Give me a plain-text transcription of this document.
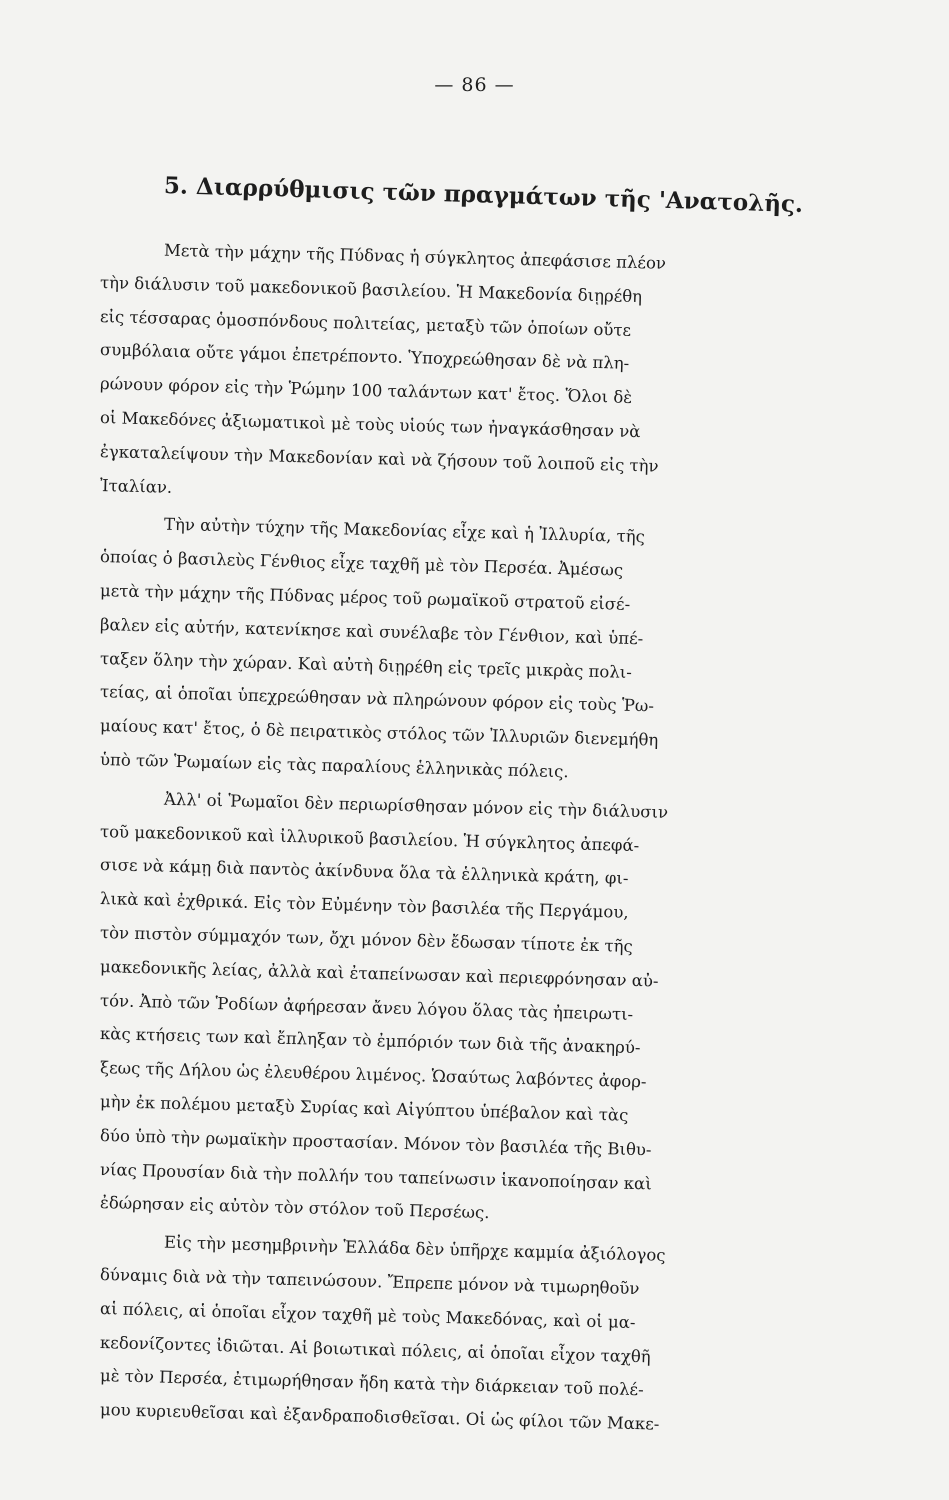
— 86 —
5. Διαρρύθμισις τῶν πραγμάτων τῆς 'Ανατολῆς.
Μετὰ τὴν μάχην τῆς Πύδνας ἡ σύγκλητος ἀπεφάσισε πλέον
τὴν διάλυσιν τοῦ μακεδονικοῦ βασιλείου. Ἡ Μακεδονία διῃρέθη
εἰς τέσσαρας ὁμοσπόνδους πολιτείας, μεταξὺ τῶν ὁποίων οὔτε
συμβόλαια οὔτε γάμοι ἐπετρέποντο. Ὑποχρεώθησαν δὲ νὰ πλη-
ρώνουν φόρον εἰς τὴν Ῥώμην 100 ταλάντων κατ' ἔτος. Ὅλοι δὲ
οἱ Μακεδόνες ἀξιωματικοὶ μὲ τοὺς υἱούς των ἠναγκάσθησαν νὰ
ἐγκαταλείψουν τὴν Μακεδονίαν καὶ νὰ ζήσουν τοῦ λοιποῦ εἰς τὴν
Ἰταλίαν.
Τὴν αὐτὴν τύχην τῆς Μακεδονίας εἶχε καὶ ἡ Ἰλλυρία, τῆς
ὁποίας ὁ βασιλεὺς Γένθιος εἶχε ταχθῆ μὲ τὸν Περσέα. Ἀμέσως
μετὰ τὴν μάχην τῆς Πύδνας μέρος τοῦ ρωμαϊκοῦ στρατοῦ εἰσέ-
βαλεν εἰς αὐτήν, κατενίκησε καὶ συνέλαβε τὸν Γένθιον, καὶ ὑπέ-
ταξεν ὅλην τὴν χώραν. Καὶ αὐτὴ διῃρέθη εἰς τρεῖς μικρὰς πολι-
τείας, αἱ ὁποῖαι ὑπεχρεώθησαν νὰ πληρώνουν φόρον εἰς τοὺς Ῥω-
μαίους κατ' ἔτος, ὁ δὲ πειρατικὸς στόλος τῶν Ἰλλυριῶν διενεμήθη
ὑπὸ τῶν Ῥωμαίων εἰς τὰς παραλίους ἑλληνικὰς πόλεις.
Ἀλλ' οἱ Ῥωμαῖοι δὲν περιωρίσθησαν μόνον εἰς τὴν διάλυσιν
τοῦ μακεδονικοῦ καὶ ἰλλυρικοῦ βασιλείου. Ἡ σύγκλητος ἀπεφά-
σισε νὰ κάμῃ διὰ παντὸς ἀκίνδυνα ὅλα τὰ ἑλληνικὰ κράτη, φι-
λικὰ καὶ ἐχθρικά. Εἰς τὸν Εὐμένην τὸν βασιλέα τῆς Περγάμου,
τὸν πιστὸν σύμμαχόν των, ὄχι μόνον δὲν ἔδωσαν τίποτε ἐκ τῆς
μακεδονικῆς λείας, ἀλλὰ καὶ ἐταπείνωσαν καὶ περιεφρόνησαν αὐ-
τόν. Ἀπὸ τῶν Ῥοδίων ἀφήρεσαν ἄνευ λόγου ὅλας τὰς ἠπειρωτι-
κὰς κτήσεις των καὶ ἔπληξαν τὸ ἐμπόριόν των διὰ τῆς ἀνακηρύ-
ξεως τῆς Δήλου ὡς ἐλευθέρου λιμένος. Ὡσαύτως λαβόντες ἀφορ-
μὴν ἐκ πολέμου μεταξὺ Συρίας καὶ Αἰγύπτου ὑπέβαλον καὶ τὰς
δύο ὑπὸ τὴν ρωμαϊκὴν προστασίαν. Μόνον τὸν βασιλέα τῆς Βιθυ-
νίας Προυσίαν διὰ τὴν πολλήν του ταπείνωσιν ἱκανοποίησαν καὶ
ἐδώρησαν εἰς αὐτὸν τὸν στόλον τοῦ Περσέως.
Εἰς τὴν μεσημβρινὴν Ἑλλάδα δὲν ὑπῆρχε καμμία ἀξιόλογος
δύναμις διὰ νὰ τὴν ταπεινώσουν. Ἔπρεπε μόνον νὰ τιμωρηθοῦν
αἱ πόλεις, αἱ ὁποῖαι εἶχον ταχθῆ μὲ τοὺς Μακεδόνας, καὶ οἱ μα-
κεδονίζοντες ἰδιῶται. Αἱ βοιωτικαὶ πόλεις, αἱ ὁποῖαι εἶχον ταχθῆ
μὲ τὸν Περσέα, ἐτιμωρήθησαν ἤδη κατὰ τὴν διάρκειαν τοῦ πολέ-
μου κυριευθεῖσαι καὶ ἐξανδραποδισθεῖσαι. Οἱ ὡς φίλοι τῶν Μακε-
